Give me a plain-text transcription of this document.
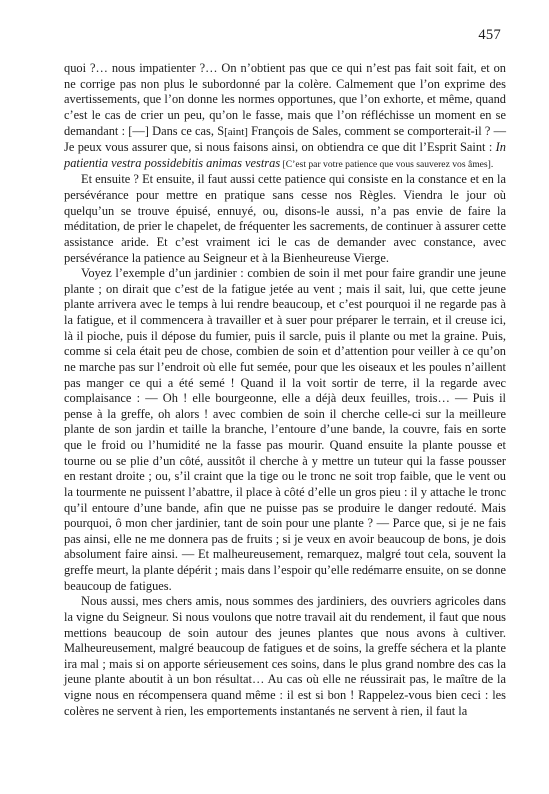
457

quoi ?… nous impatienter ?… On n’obtient pas que ce qui n’est pas fait soit fait, et on ne corrige pas non plus le subordonné par la colère. Calmement que l’on exprime des avertissements, que l’on donne les normes opportunes, que l’on exhorte, et même, quand c’est le cas de crier un peu, qu’on le fasse, mais que l’on réfléchisse un moment en se demandant : [—] Dans ce cas, S[aint] François de Sales, comment se comporterait-il ? — Je peux vous assurer que, si nous faisons ainsi, on obtiendra ce que dit l’Esprit Saint : In patientia vestra possidebitis animas vestras [C’est par votre patience que vous sauverez vos âmes].

Et ensuite ? Et ensuite, il faut aussi cette patience qui consiste en la constance et en la persévérance pour mettre en pratique sans cesse nos Règles. Viendra le jour où quelqu’un se trouve épuisé, ennuyé, ou, disons-le aussi, n’a pas envie de faire la méditation, de prier le chapelet, de fréquenter les sacrements, de continuer à assurer cette assistance aride. Et c’est vraiment ici le cas de demander avec constance, avec persévérance la patience au Seigneur et à la Bienheureuse Vierge.

Voyez l’exemple d’un jardinier : combien de soin il met pour faire grandir une jeune plante ; on dirait que c’est de la fatigue jetée au vent ; mais il sait, lui, que cette jeune plante arrivera avec le temps à lui rendre beaucoup, et c’est pourquoi il ne regarde pas à la fatigue, et il commencera à travailler et à suer pour préparer le terrain, et il creuse ici, là il pioche, puis il dépose du fumier, puis il sarcle, puis il plante ou met la graine. Puis, comme si cela était peu de chose, combien de soin et d’attention pour veiller à ce qu’on ne marche pas sur l’endroit où elle fut semée, pour que les oiseaux et les poules n’aillent pas manger ce qui a été semé ! Quand il la voit sortir de terre, il la regarde avec complaisance : — Oh ! elle bourgeonne, elle a déjà deux feuilles, trois… — Puis il pense à la greffe, oh alors ! avec combien de soin il cherche celle-ci sur la meilleure plante de son jardin et taille la branche, l’entoure d’une bande, la couvre, fais en sorte que le froid ou l’humidité ne la fasse pas mourir. Quand ensuite la plante pousse et tourne ou se plie d’un côté, aussitôt il cherche à y mettre un tuteur qui la fasse pousser en restant droite ; ou, s’il craint que la tige ou le tronc ne soit trop faible, que le vent ou la tourmente ne puissent l’abattre, il place à côté d’elle un gros pieu : il y attache le tronc qu’il entoure d’une bande, afin que ne puisse pas se produire le danger redouté. Mais pourquoi, ô mon cher jardinier, tant de soin pour une plante ? — Parce que, si je ne fais pas ainsi, elle ne me donnera pas de fruits ; si je veux en avoir beaucoup de bons, je dois absolument faire ainsi. — Et malheureusement, remarquez, malgré tout cela, souvent la greffe meurt, la plante dépérit ; mais dans l’espoir qu’elle redémarre ensuite, on se donne beaucoup de fatigues.

Nous aussi, mes chers amis, nous sommes des jardiniers, des ouvriers agricoles dans la vigne du Seigneur. Si nous voulons que notre travail ait du rendement, il faut que nous mettions beaucoup de soin autour des jeunes plantes que nous avons à cultiver. Malheureusement, malgré beaucoup de fatigues et de soins, la greffe séchera et la plante ira mal ; mais si on apporte sérieusement ces soins, dans le plus grand nombre des cas la jeune plante aboutit à un bon résultat… Au cas où elle ne réussirait pas, le maître de la vigne nous en récompensera quand même : il est si bon ! Rappelez-vous bien ceci : les colères ne servent à rien, les emportements instantanés ne servent à rien, il faut la
